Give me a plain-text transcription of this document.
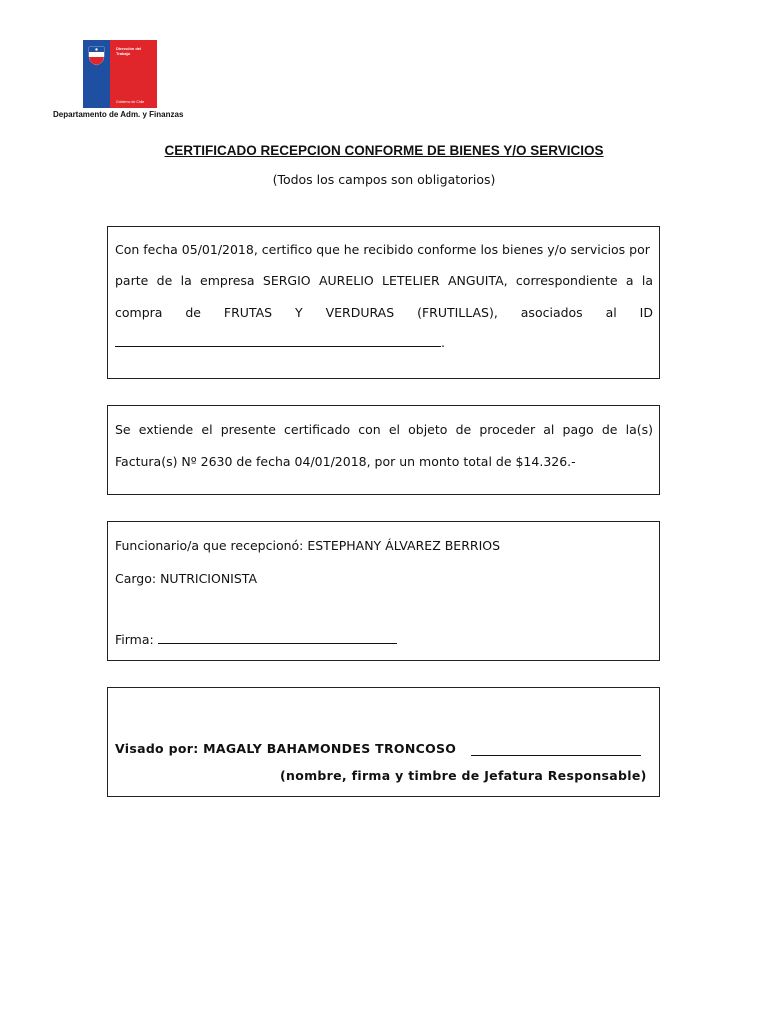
Dirección del Trabajo
Gobierno de Chile
Departamento de Adm. y Finanzas
CERTIFICADO RECEPCION CONFORME DE BIENES Y/O SERVICIOS
(Todos los campos son obligatorios)
Con fecha 05/01/2018, certifico que he recibido conforme los bienes y/o servicios por
parte de la empresa SERGIO AURELIO LETELIER ANGUITA, correspondiente a la
compra de FRUTAS Y VERDURAS (FRUTILLAS), asociados al ID
.
Se extiende el presente certificado con el objeto de proceder al pago de la(s)
Factura(s) Nº 2630 de fecha 04/01/2018, por un monto total de $14.326.-
Funcionario/a que recepcionó: ESTEPHANY ÁLVAREZ BERRIOS
Cargo: NUTRICIONISTA
Firma:
Visado por: MAGALY BAHAMONDES TRONCOSO
(nombre, firma y timbre de Jefatura Responsable)
